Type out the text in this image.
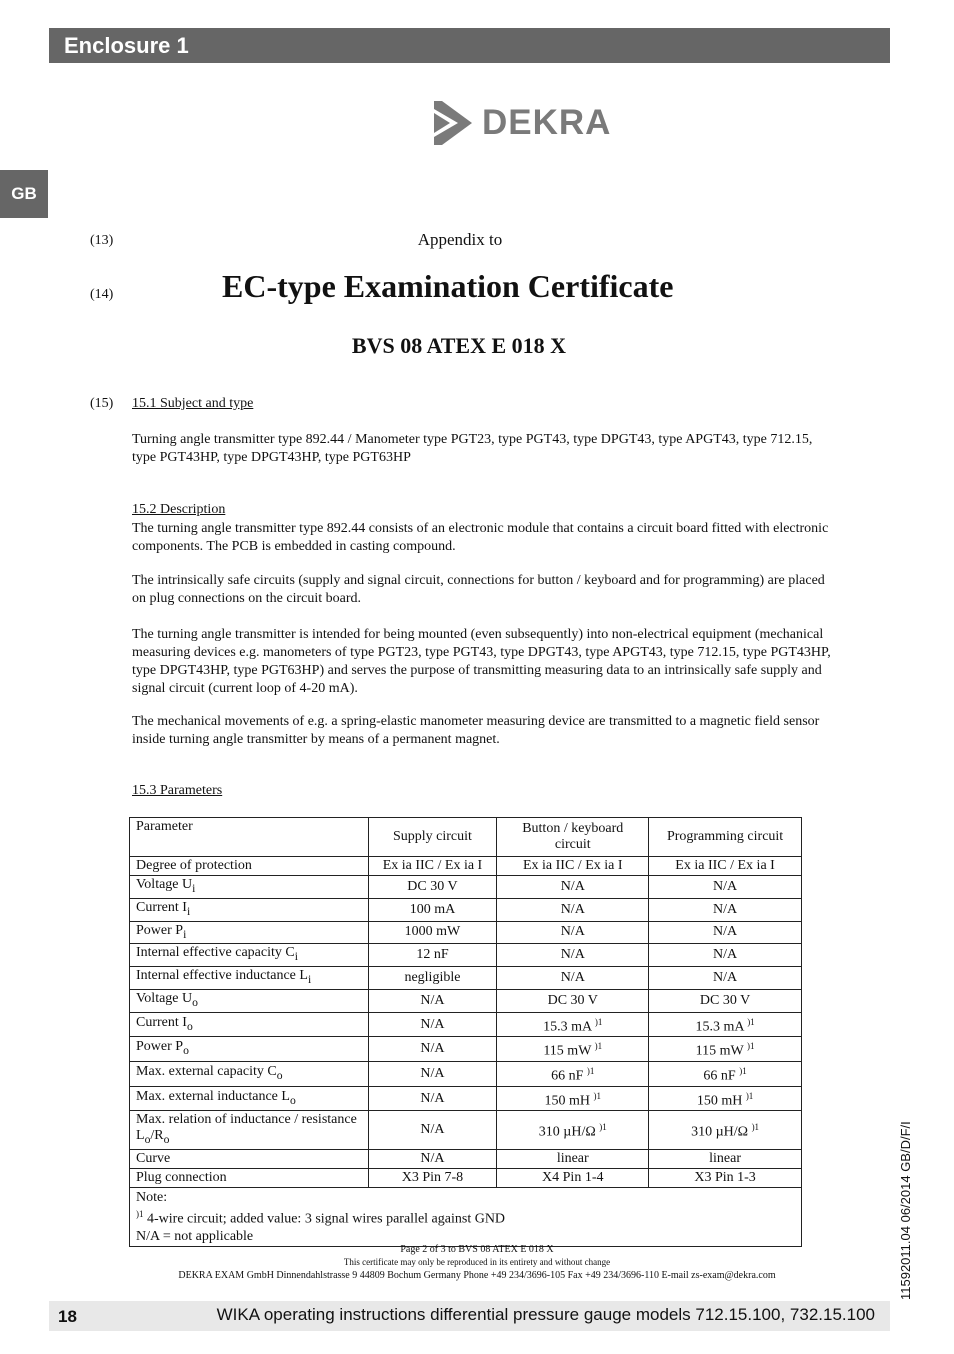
Enclosure 1
GB
DEKRA
(13)	Appendix to
(14)	EC-type Examination Certificate
BVS 08 ATEX E 018 X
(15) 15.1 Subject and type

Turning angle transmitter type 892.44 / Manometer type PGT23, type PGT43, type DPGT43, type APGT43, type 712.15, type PGT43HP, type DPGT43HP, type PGT63HP

15.2 Description

The turning angle transmitter type 892.44 consists of an electronic module that contains a circuit board fitted with electronic components. The PCB is embedded in casting compound.

The intrinsically safe circuits (supply and signal circuit, connections for button / keyboard and for programming) are placed on plug connections on the circuit board.

The turning angle transmitter is intended for being mounted (even subsequently) into non-electrical equipment (mechanical measuring devices e.g. manometers of type PGT23, type PGT43, type DPGT43, type APGT43, type 712.15, type PGT43HP, type DPGT43HP, type PGT63HP) and serves the purpose of transmitting measuring data to an intrinsically safe supply and signal circuit (current loop of 4-20 mA).

The mechanical movements of e.g. a spring-elastic manometer measuring device are transmitted to a magnetic field sensor inside turning angle transmitter by means of a permanent magnet.

15.3 Parameters
Parameter	Supply circuit	Button / keyboard circuit	Programming circuit
Degree of protection	Ex ia IIC / Ex ia I	Ex ia IIC / Ex ia I	Ex ia IIC / Ex ia I
Voltage $U_i$	DC 30 V	N/A	N/A
Current $I_i$	100 mA	N/A	N/A
Power $P_i$	1000 mW	N/A	N/A
Internal effective capacity $C_i$	12 nF	N/A	N/A
Internal effective inductance $L_i$	negligible	N/A	N/A
Voltage $U_o$	N/A	DC 30 V	DC 30 V
Current $I_o$	N/A	15.3 mA $^{)1}$	15.3 mA $^{)1}$
Power $P_o$	N/A	115 mW $^{)1}$	115 mW $^{)1}$
Max. external capacity $C_o$	N/A	66 nF $^{)1}$	66 nF $^{)1}$
Max. external inductance $L_o$	N/A	150 mH $^{)1}$	150 mH $^{)1}$
Max. relation of inductance / resistance $L_o/R_o$	N/A	310 µH/Ω $^{)1}$	310 µH/Ω $^{)1}$
Curve	N/A	linear	linear
Plug connection	X3 Pin 7-8	X4 Pin 1-4	X3 Pin 1-3
Note:
$^{)1}$ 4-wire circuit; added value: 3 signal wires parallel against GND
N/A = not applicable			
Page 2 of 3 to BVS 08 ATEX E 018 X
This certificate may only be reproduced in its entirety and without change
DEKRA EXAM GmbH Dinnendahlstrasse 9 44809 Bochum Germany Phone +49 234/3696-105 Fax +49 234/3696-110 E-mail zs-exam@dekra.com
18	WIKA operating instructions differential pressure gauge models 712.15.100, 732.15.100
11592011.04 06/2014 GB/D/F/I
